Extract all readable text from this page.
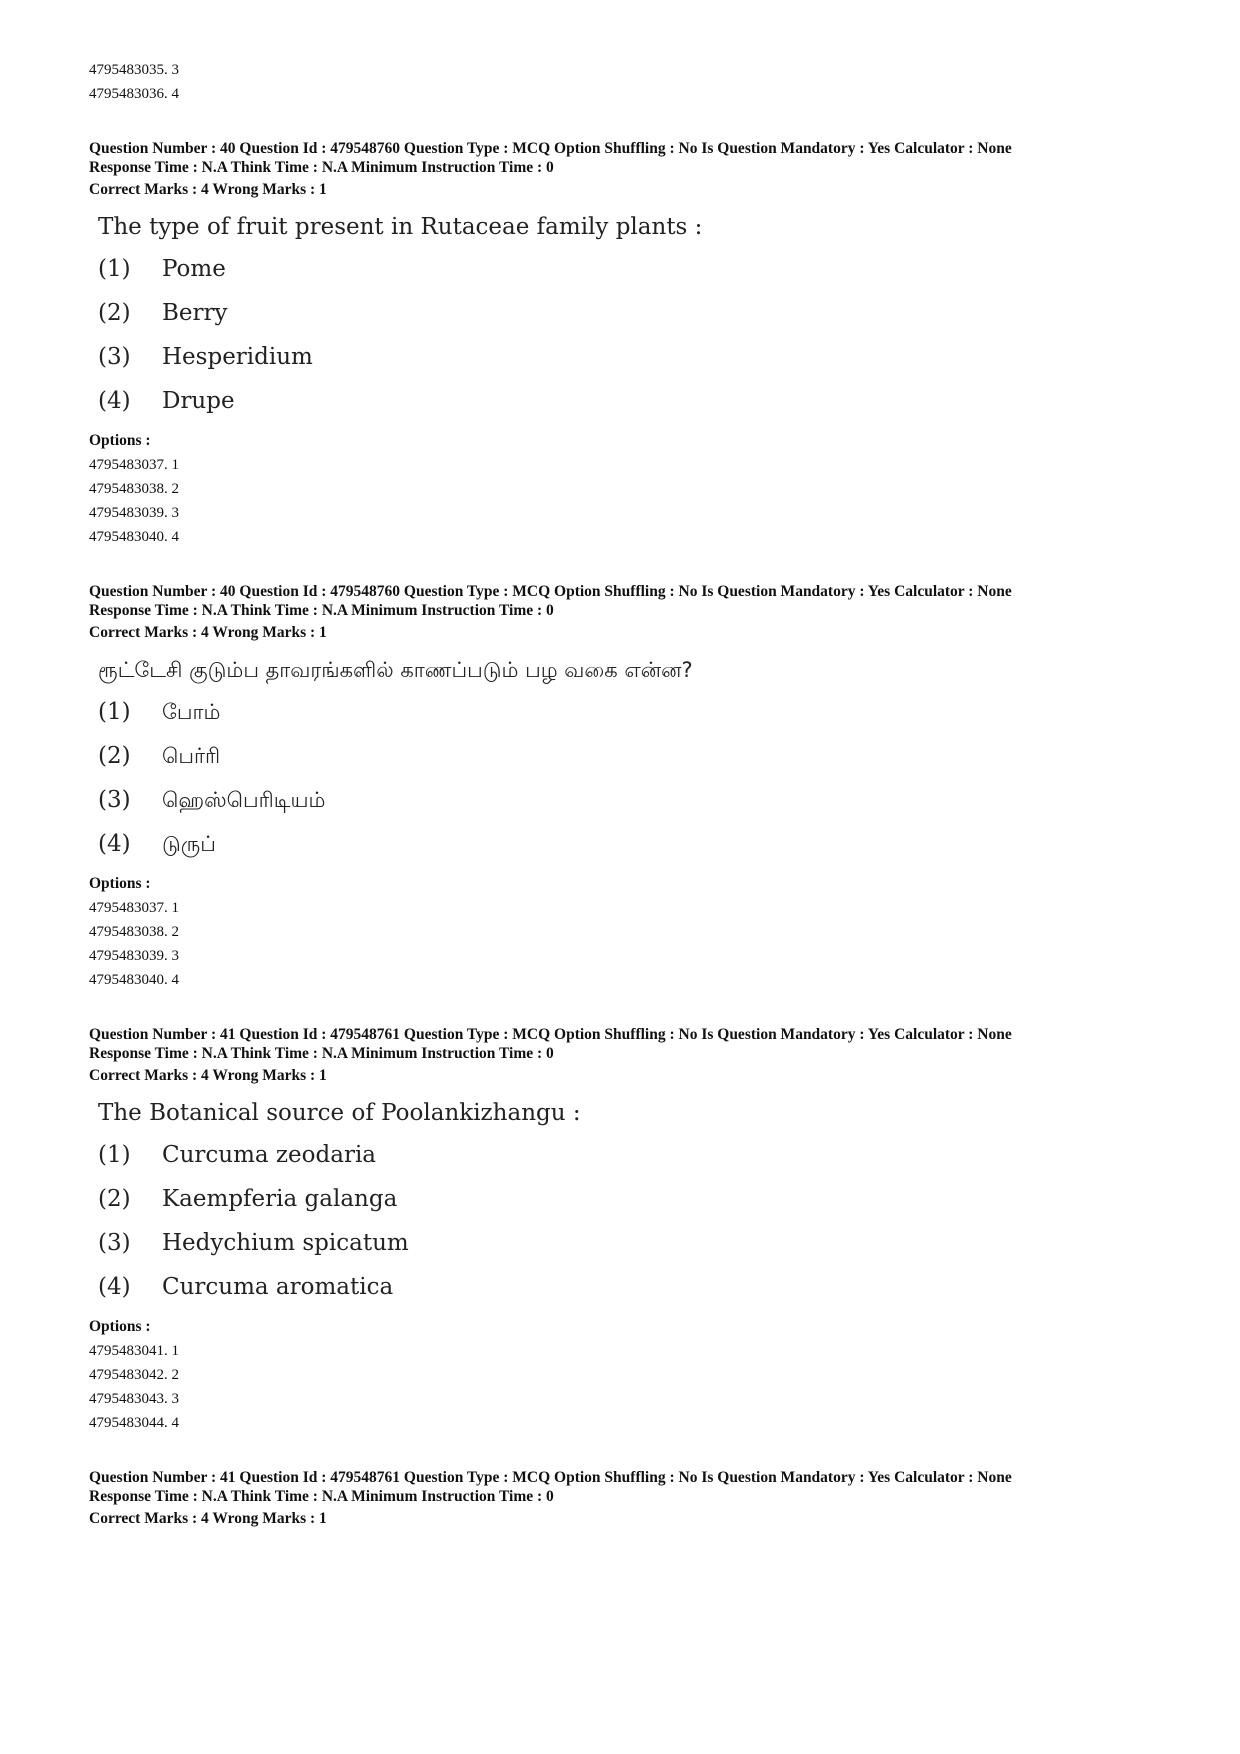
4795483035. 3
4795483036. 4
Question Number : 40 Question Id : 479548760 Question Type : MCQ Option Shuffling : No Is Question Mandatory : Yes Calculator : None
Response Time : N.A Think Time : N.A Minimum Instruction Time : 0
Correct Marks : 4 Wrong Marks : 1
The type of fruit present in Rutaceae family plants :
(1)	Pome
(2)	Berry
(3)	Hesperidium
(4)	Drupe
Options :
4795483037. 1
4795483038. 2
4795483039. 3
4795483040. 4
Question Number : 40 Question Id : 479548760 Question Type : MCQ Option Shuffling : No Is Question Mandatory : Yes Calculator : None
Response Time : N.A Think Time : N.A Minimum Instruction Time : 0
Correct Marks : 4 Wrong Marks : 1
ரூட்டேசி குடும்ப தாவரங்களில் காணப்படும் பழ வகை என்ன?
(1)	போம்
(2)	பெர்ரி
(3)	ஹெஸ்பெரிடியம்
(4)	டுருப்
Options :
4795483037. 1
4795483038. 2
4795483039. 3
4795483040. 4
Question Number : 41 Question Id : 479548761 Question Type : MCQ Option Shuffling : No Is Question Mandatory : Yes Calculator : None
Response Time : N.A Think Time : N.A Minimum Instruction Time : 0
Correct Marks : 4 Wrong Marks : 1
The Botanical source of Poolankizhangu :
(1)	Curcuma zeodaria
(2)	Kaempferia galanga
(3)	Hedychium spicatum
(4)	Curcuma aromatica
Options :
4795483041. 1
4795483042. 2
4795483043. 3
4795483044. 4
Question Number : 41 Question Id : 479548761 Question Type : MCQ Option Shuffling : No Is Question Mandatory : Yes Calculator : None
Response Time : N.A Think Time : N.A Minimum Instruction Time : 0
Correct Marks : 4 Wrong Marks : 1
